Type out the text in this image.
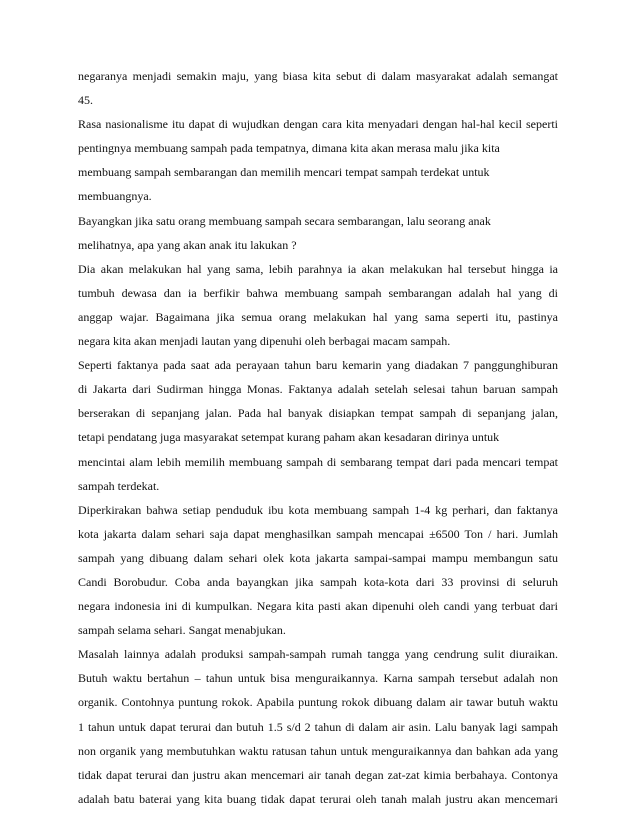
negaranya menjadi semakin maju, yang biasa kita sebut di dalam masyarakat adalah semangat
45.
Rasa nasionalisme itu dapat di wujudkan dengan cara kita menyadari dengan hal-hal kecil seperti
pentingnya membuang sampah pada tempatnya, dimana kita akan merasa malu jika kita
membuang sampah sembarangan dan memilih mencari tempat sampah terdekat untuk
membuangnya.
Bayangkan jika satu orang membuang sampah secara sembarangan, lalu seorang anak
melihatnya, apa yang akan anak itu lakukan ?
Dia akan melakukan hal yang sama, lebih parahnya ia akan melakukan hal tersebut hingga ia
tumbuh dewasa dan ia berfikir bahwa membuang sampah sembarangan adalah hal yang di
anggap wajar. Bagaimana jika semua orang melakukan hal yang sama seperti itu, pastinya
negara kita akan menjadi lautan yang dipenuhi oleh berbagai macam sampah.
Seperti faktanya pada saat ada perayaan tahun baru kemarin yang diadakan 7 panggunghiburan
di Jakarta dari Sudirman hingga Monas. Faktanya adalah setelah selesai tahun baruan sampah
berserakan di sepanjang jalan. Pada hal banyak disiapkan tempat sampah di sepanjang jalan,
tetapi pendatang juga masyarakat setempat kurang paham akan kesadaran dirinya untuk
mencintai alam lebih memilih membuang sampah di sembarang tempat dari pada mencari tempat
sampah terdekat.
Diperkirakan bahwa setiap penduduk ibu kota membuang sampah 1-4 kg perhari, dan faktanya
kota jakarta dalam sehari saja dapat menghasilkan sampah mencapai ±6500 Ton / hari. Jumlah
sampah yang dibuang dalam sehari olek kota jakarta sampai-sampai mampu membangun satu
Candi Borobudur. Coba anda bayangkan jika sampah kota-kota dari 33 provinsi di seluruh
negara indonesia ini di kumpulkan. Negara kita pasti akan dipenuhi oleh candi yang terbuat dari
sampah selama sehari. Sangat menabjukan.
Masalah lainnya adalah produksi sampah-sampah rumah tangga yang cendrung sulit diuraikan.
Butuh waktu bertahun – tahun untuk bisa menguraikannya. Karna sampah tersebut adalah non
organik. Contohnya puntung rokok. Apabila puntung rokok dibuang dalam air tawar butuh waktu
1 tahun untuk dapat terurai dan butuh 1.5 s/d 2 tahun di dalam air asin. Lalu banyak lagi sampah
non organik yang membutuhkan waktu ratusan tahun untuk menguraikannya dan bahkan ada yang
tidak dapat terurai dan justru akan mencemari air tanah degan zat-zat kimia berbahaya. Contonya
adalah batu baterai yang kita buang tidak dapat terurai oleh tanah malah justru akan mencemari
